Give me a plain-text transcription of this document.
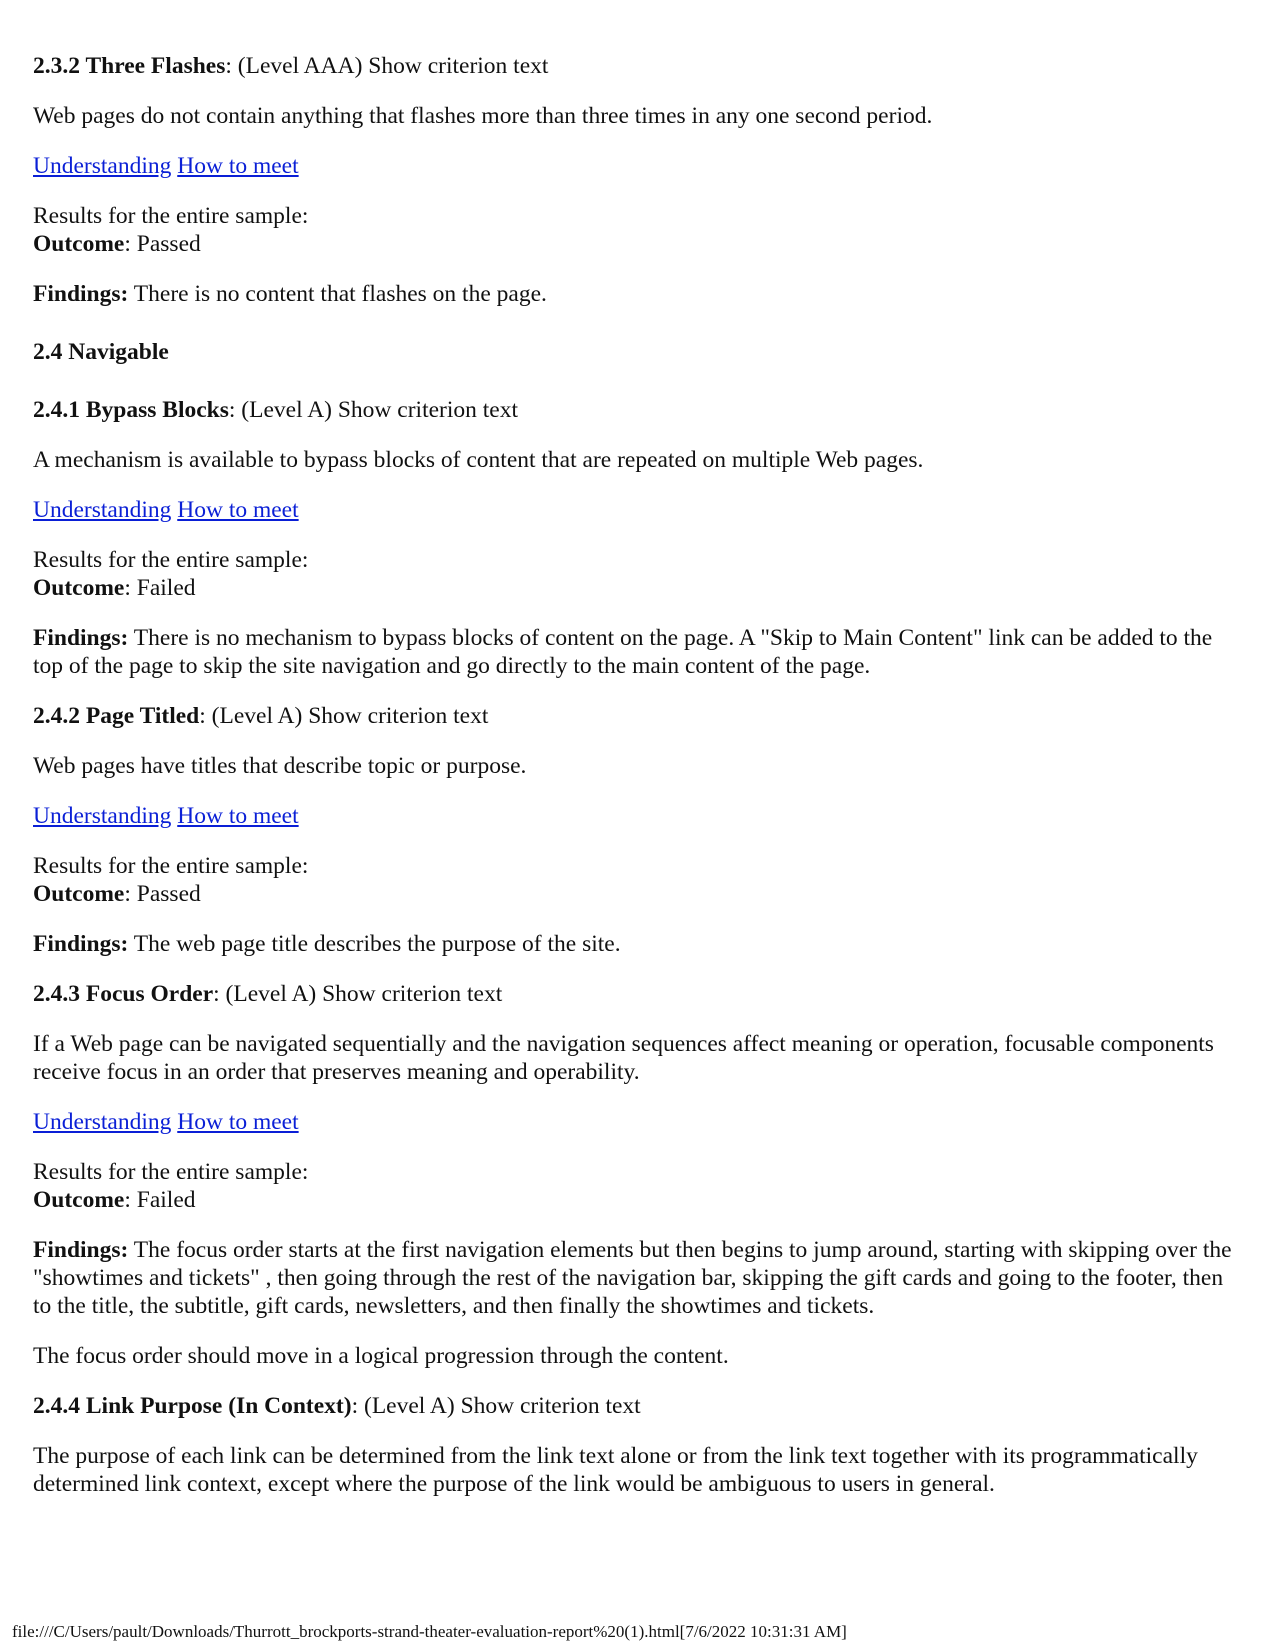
2.3.2 Three Flashes: (Level AAA) Show criterion text
Web pages do not contain anything that flashes more than three times in any one second period.
Understanding How to meet
Results for the entire sample:
Outcome: Passed
Findings: There is no content that flashes on the page.
2.4 Navigable
2.4.1 Bypass Blocks: (Level A) Show criterion text
A mechanism is available to bypass blocks of content that are repeated on multiple Web pages.
Understanding How to meet
Results for the entire sample:
Outcome: Failed
Findings: There is no mechanism to bypass blocks of content on the page. A "Skip to Main Content" link can be added to the top of the page to skip the site navigation and go directly to the main content of the page.
2.4.2 Page Titled: (Level A) Show criterion text
Web pages have titles that describe topic or purpose.
Understanding How to meet
Results for the entire sample:
Outcome: Passed
Findings: The web page title describes the purpose of the site.
2.4.3 Focus Order: (Level A) Show criterion text
If a Web page can be navigated sequentially and the navigation sequences affect meaning or operation, focusable components receive focus in an order that preserves meaning and operability.
Understanding How to meet
Results for the entire sample:
Outcome: Failed
Findings: The focus order starts at the first navigation elements but then begins to jump around, starting with skipping over the "showtimes and tickets" , then going through the rest of the navigation bar, skipping the gift cards and going to the footer, then to the title, the subtitle, gift cards, newsletters, and then finally the showtimes and tickets.
The focus order should move in a logical progression through the content.
2.4.4 Link Purpose (In Context): (Level A) Show criterion text
The purpose of each link can be determined from the link text alone or from the link text together with its programmatically determined link context, except where the purpose of the link would be ambiguous to users in general.
file:///C/Users/pault/Downloads/Thurrott_brockports-strand-theater-evaluation-report%20(1).html[7/6/2022 10:31:31 AM]
